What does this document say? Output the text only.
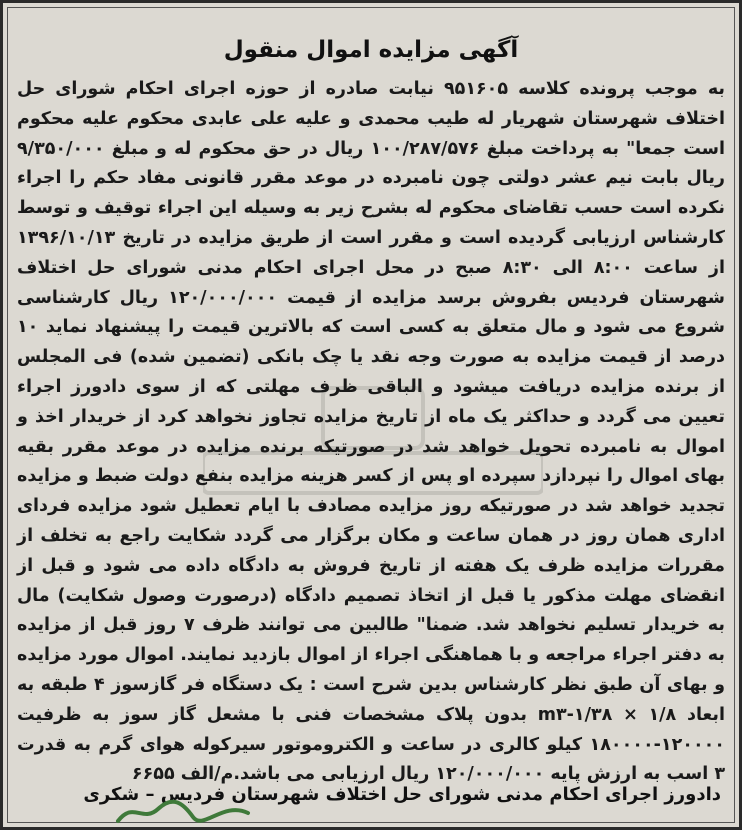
آگهی مزایده اموال منقول

به موجب پرونده کلاسه ۹۵۱۶۰۵ نیابت صادره از حوزه اجرای احکام شورای حل اختلاف شهرستان شهریار له طیب محمدی و علیه علی عابدی محکوم علیه محکوم است جمعا" به پرداخت مبلغ ۱۰۰/۲۸۷/۵۷۶ ریال در حق محکوم له و مبلغ ۹/۳۵۰/۰۰۰ ریال بابت نیم عشر دولتی چون نامبرده در موعد مقرر قانونی مفاد حکم را اجراء نکرده است حسب تقاضای محکوم له بشرح زیر به وسیله این اجراء توقیف و توسط کارشناس ارزیابی گردیده است و مقرر است از طریق مزایده در تاریخ ۱۳۹۶/۱۰/۱۳ از ساعت ۸:۰۰ الی ۸:۳۰ صبح در محل اجرای احکام مدنی شورای حل اختلاف شهرستان فردیس بفروش برسد مزایده از قیمت ۱۲۰/۰۰۰/۰۰۰ ریال کارشناسی شروع می شود و مال متعلق به کسی است که بالاترین قیمت را پیشنهاد نماید ۱۰ درصد از قیمت مزایده به صورت وجه نقد یا چک بانکی (تضمین شده) فی المجلس از برنده مزایده دریافت میشود و الباقی ظرف مهلتی که از سوی دادورز اجراء تعیین می گردد و حداکثر یک ماه از تاریخ مزایده تجاوز نخواهد کرد از خریدار اخذ و اموال به نامبرده تحویل خواهد شد در صورتیکه برنده مزایده در موعد مقرر بقیه بهای اموال را نپردازد سپرده او پس از کسر هزینه مزایده بنفع دولت ضبط و مزایده تجدید خواهد شد در صورتیکه روز مزایده مصادف با ایام تعطیل شود مزایده فردای اداری همان روز در همان ساعت و مکان برگزار می گردد شکایت راجع به تخلف از مقررات مزایده ظرف یک هفته از تاریخ فروش به دادگاه داده می شود و قبل از انقضای مهلت مذکور یا قبل از اتخاذ تصمیم دادگاه (درصورت وصول شکایت) مال به خریدار تسلیم نخواهد شد. ضمنا" طالبین می توانند ظرف ۷ روز قبل از مزایده به دفتر اجراء مراجعه و با هماهنگی اجراء از اموال بازدید نمایند. اموال مورد مزایده و بهای آن طبق نظر کارشناس بدین شرح است : یک دستگاه فر گازسوز ۴ طبقه به ابعاد ۱/۸ × ۱/۳۸-m۳ بدون پلاک مشخصات فنی با مشعل گاز سوز به ظرفیت ۱۲۰۰۰۰-۱۸۰۰۰۰ کیلو کالری در ساعت و الکتروموتور سیرکوله هوای گرم به قدرت ۳ اسب به ارزش پایه ۱۲۰/۰۰۰/۰۰۰ ریال ارزیابی می باشد.م/الف ۶۶۵۵

دادورز اجرای احکام مدنی شورای حل اختلاف شهرستان فردیس – شکری
